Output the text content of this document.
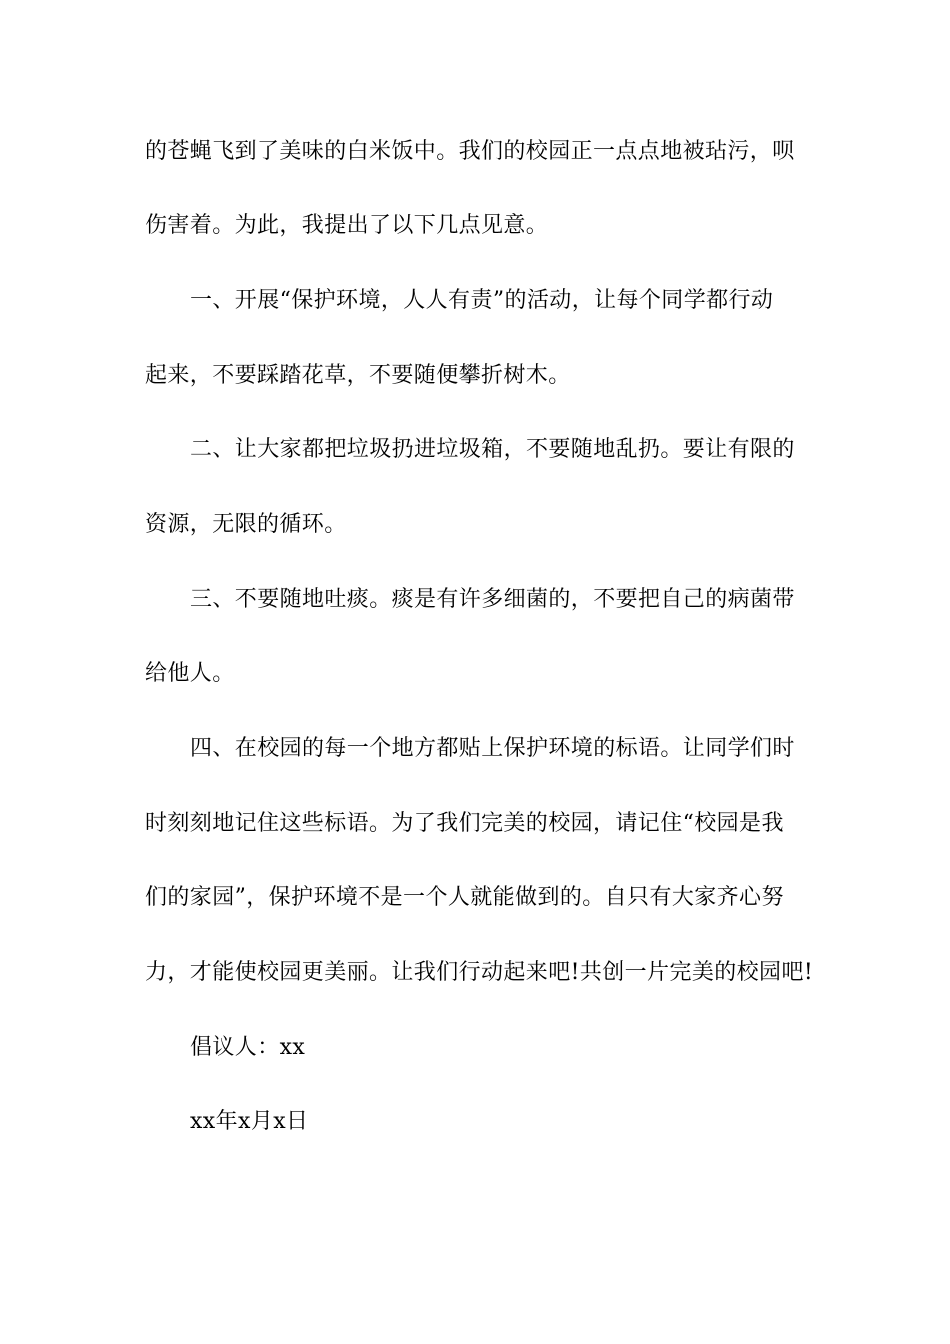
的苍蝇飞到了美味的白米饭中。我们的校园正一点点地被玷污，呗
伤害着。为此，我提出了以下几点见意。
一、开展“保护环境，人人有责”的活动，让每个同学都行动
起来，不要踩踏花草，不要随便攀折树木。
二、让大家都把垃圾扔进垃圾箱，不要随地乱扔。要让有限的
资源，无限的循环。
三、不要随地吐痰。痰是有许多细菌的，不要把自己的病菌带
给他人。
四、在校园的每一个地方都贴上保护环境的标语。让同学们时
时刻刻地记住这些标语。为了我们完美的校园，请记住“校园是我
们的家园”，保护环境不是一个人就能做到的。自只有大家齐心努
力，才能使校园更美丽。让我们行动起来吧!共创一片完美的校园吧!
倡议人：xx
xx年x月x日
